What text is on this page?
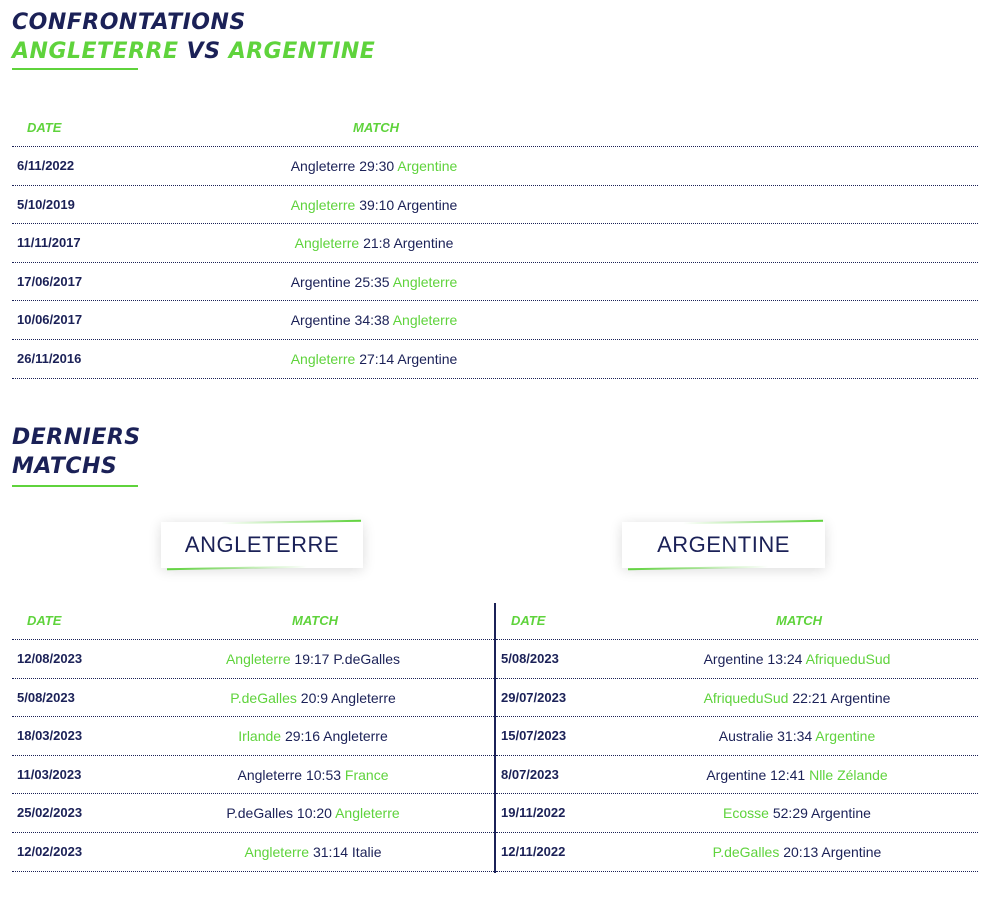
CONFRONTATIONS
ANGLETERRE VS ARGENTINE
DATE	MATCH
6/11/2022	Angleterre 29:30 Argentine
5/10/2019	Angleterre 39:10 Argentine
11/11/2017	Angleterre 21:8 Argentine
17/06/2017	Argentine 25:35 Angleterre
10/06/2017	Argentine 34:38 Angleterre
26/11/2016	Angleterre 27:14 Argentine
DERNIERS
MATCHS
ANGLETERRE	ARGENTINE
DATE	MATCH
12/08/2023	Angleterre 19:17 P.deGalles
5/08/2023	P.deGalles 20:9 Angleterre
18/03/2023	Irlande 29:16 Angleterre
11/03/2023	Angleterre 10:53 France
25/02/2023	P.deGalles 10:20 Angleterre
12/02/2023	Angleterre 31:14 Italie
DATE	MATCH
5/08/2023	Argentine 13:24 AfriqueduSud
29/07/2023	AfriqueduSud 22:21 Argentine
15/07/2023	Australie 31:34 Argentine
8/07/2023	Argentine 12:41 Nlle Zélande
19/11/2022	Ecosse 52:29 Argentine
12/11/2022	P.deGalles 20:13 Argentine
